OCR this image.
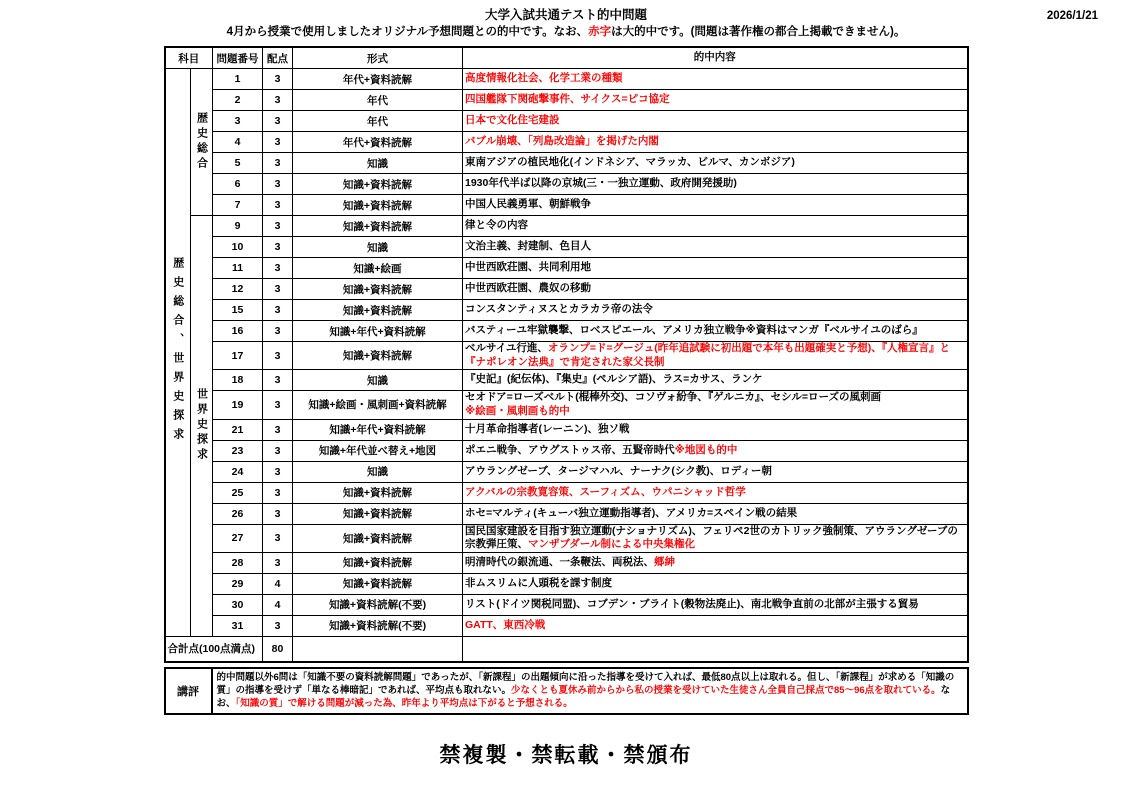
大学入試共通テスト的中問題
4月から授業で使用しましたオリジナル予想問題との的中です。なお、赤字は大的中です。(問題は著作権の都合上掲載できません)。
2026/1/21
科目		問題番号	配点	形式	的中内容

歴史総合、世界史探求	歴史総合	1	3	年代+資料読解	高度情報化社会、化学工業の種類
		2	3	年代	四国艦隊下関砲撃事件、サイクス=ピコ協定
		3	3	年代	日本で文化住宅建設
		4	3	年代+資料読解	バブル崩壊、「列島改造論」を掲げた内閣
		5	3	知識	東南アジアの植民地化(インドネシア、マラッカ、ビルマ、カンボジア)
		6	3	知識+資料読解	1930年代半ば以降の京城(三・一独立運動、政府開発援助)
		7	3	知識+資料読解	中国人民義勇軍、朝鮮戦争

	世界史探求	9	3	知識+資料読解	律と令の内容
		10	3	知識	文治主義、封建制、色目人
		11	3	知識+絵画	中世西欧荘園、共同利用地
		12	3	知識+資料読解	中世西欧荘園、農奴の移動
		15	3	知識+資料読解	コンスタンティヌスとカラカラ帝の法令
		16	3	知識+年代+資料読解	バスティーユ牢獄襲撃、ロベスピエール、アメリカ独立戦争※資料はマンガ『ベルサイユのばら』
		17	3	知識+資料読解	ベルサイユ行進、オランプ=ド=グージュ(昨年追試験に初出題で本年も出題確実と予想)、『人権宣言』と『ナポレオン法典』で肯定された家父長制
		18	3	知識	『史記』(紀伝体)、『集史』(ペルシア語)、ラス=カサス、ランケ
		19	3	知識+絵画・風刺画+資料読解	セオドア=ローズベルト(棍棒外交)、コソヴォ紛争、『ゲルニカ』、セシル=ローズの風刺画
※絵画・風刺画も的中
		21	3	知識+年代+資料読解	十月革命指導者(レーニン)、独ソ戦
		23	3	知識+年代並べ替え+地図	ポエニ戦争、アウグストゥス帝、五賢帝時代※地図も的中
		24	3	知識	アウラングゼーブ、タージマハル、ナーナク(シク教)、ロディー朝
		25	3	知識+資料読解	アクバルの宗教寛容策、スーフィズム、ウパニシャッド哲学
		26	3	知識+資料読解	ホセ=マルティ(キューバ独立運動指導者)、アメリカ=スペイン戦の結果
		27	3	知識+資料読解	国民国家建設を目指す独立運動(ナショナリズム)、フェリペ2世のカトリック強制策、アウラングゼーブの宗教弾圧策、マンザブダール制による中央集権化
		28	3	知識+資料読解	明清時代の銀流通、一条鞭法、両税法、郷紳
		29	4	知識+資料読解	非ムスリムに人頭税を課す制度
		30	4	知識+資料読解(不要)	リスト(ドイツ関税同盟)、コブデン・ブライト(穀物法廃止)、南北戦争直前の北部が主張する貿易
		31	3	知識+資料読解(不要)	GATT、東西冷戦
合計点(100点満点)			80		
講評	的中問題以外6問は「知識不要の資料読解問題」であったが、「新課程」の出題傾向に沿った指導を受けて入れば、最低80点以上は取れる。但し、「新課程」が求める「知識の質」の指導を受けず「単なる棒暗記」であれば、平均点も取れない。少なくとも夏休み前からから私の授業を受けていた生徒さん全員自己採点で85～96点を取れている。なお、「知識の質」で解ける問題が減った為、昨年より平均点は下がると予想される。
禁複製・禁転載・禁頒布
